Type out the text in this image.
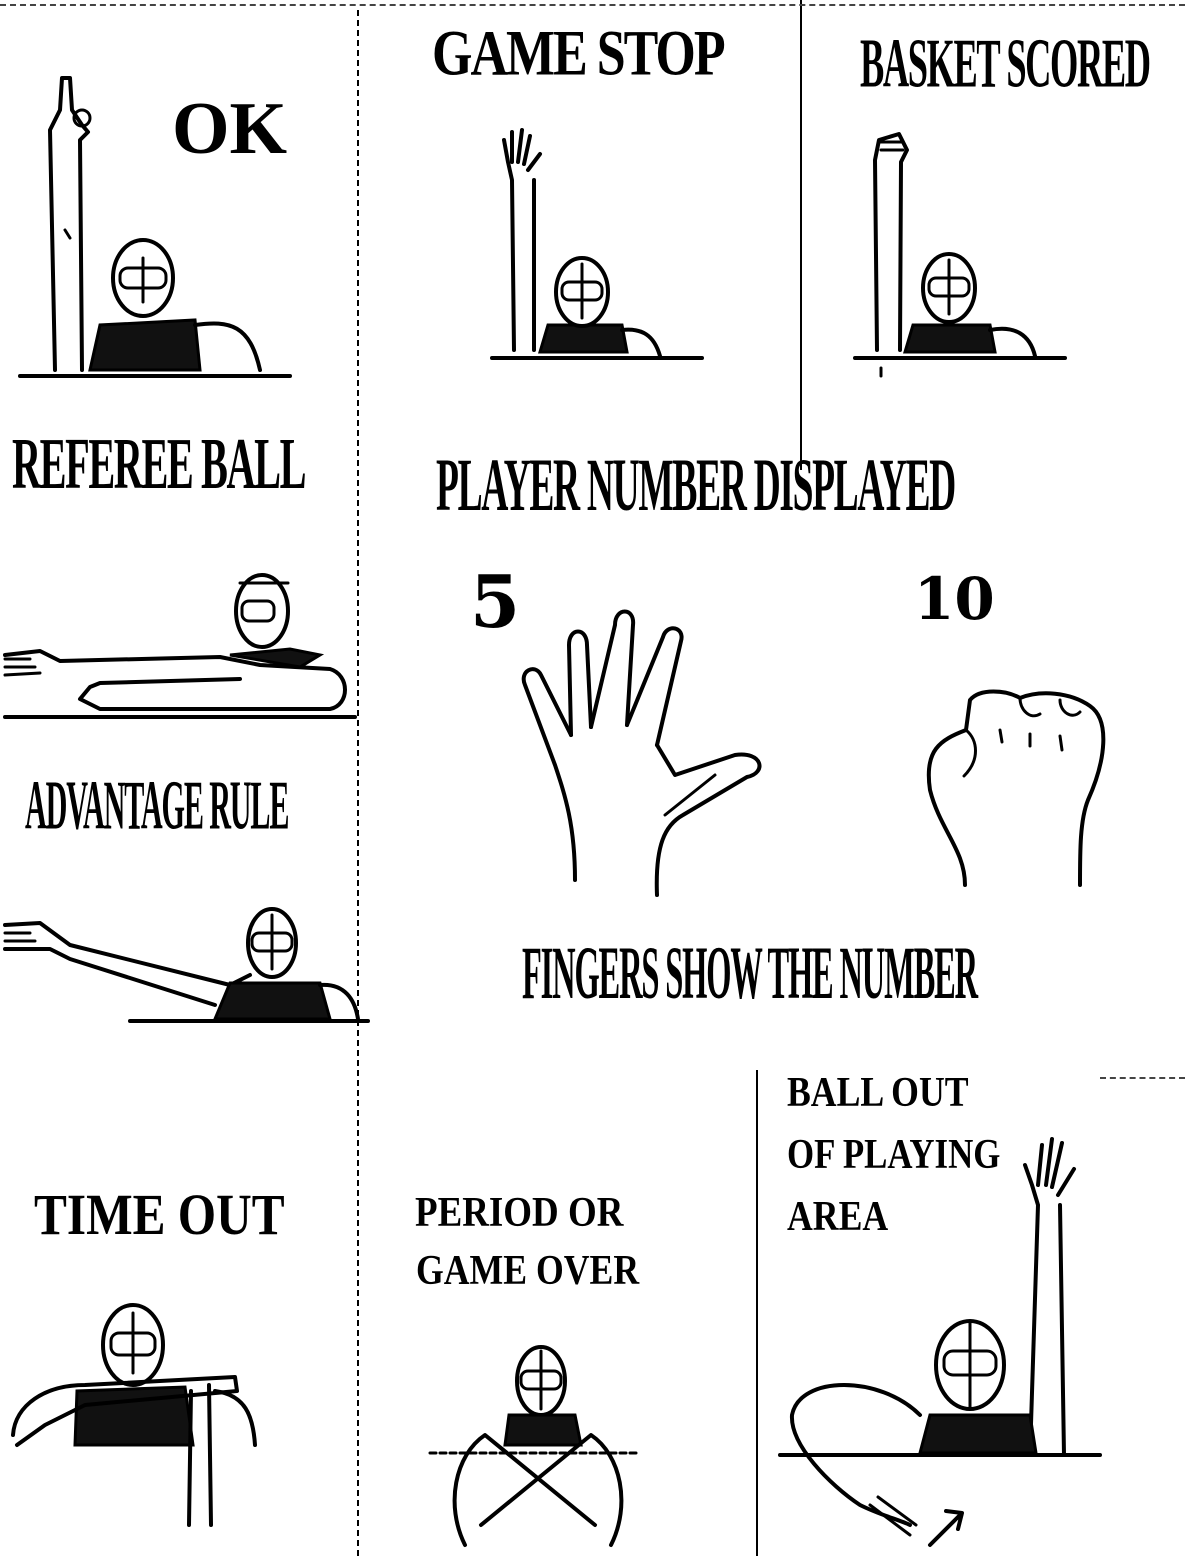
OK
GAME STOP	BASKET SCORED
REFEREE BALL PLAYER NUMBER DISPLAYED
5	10
ADVANTAGE RULE
FINGERS SHOW THE NUMBER
TIME OUT	PERIOD OR
GAME OVER
BALL OUT
OF PLAYING
AREA
